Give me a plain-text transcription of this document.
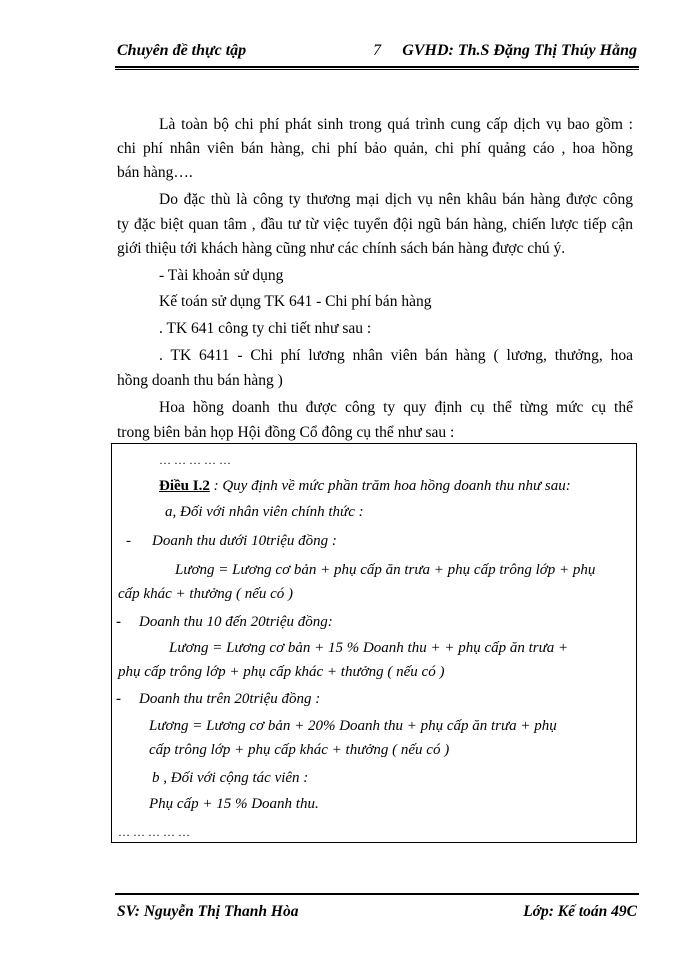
Chuyên đề thực tập	7 GVHD: Th.S Đặng Thị Thúy Hằng

Là toàn bộ chi phí phát sinh trong quá trình cung cấp dịch vụ bao gồm :

chi phí nhân viên bán hàng, chi phí bảo quản, chi phí quảng cáo , hoa hồng

bán hàng….

Do đặc thù là công ty thương mại dịch vụ nên khâu bán hàng được công

ty đặc biệt quan tâm , đầu tư từ việc tuyển đội ngũ bán hàng, chiến lược tiếp cận

giới thiệu tới khách hàng cũng như các chính sách bán hàng được chú ý.

- Tài khoản sử dụng

Kế toán sử dụng TK 641 - Chi phí bán hàng

. TK 641 công ty chi tiết như sau :

. TK 6411 - Chi phí lương nhân viên bán hàng ( lương, thưởng, hoa

hồng doanh thu bán hàng )

Hoa hồng doanh thu được công ty quy định cụ thể từng mức cụ thể

trong biên bản họp Hội đồng Cổ đông cụ thể như sau :

… … … … …
Điều I.2 : Quy định về mức phần trăm hoa hồng doanh thu như sau:
a, Đối với nhân viên chính thức :
- Doanh thu dưới 10triệu đồng :
Lương = Lương cơ bản + phụ cấp ăn trưa + phụ cấp trông lớp + phụ
cấp khác + thưởng ( nếu có )
- Doanh thu 10 đến 20triệu đồng:
Lương = Lương cơ bản + 15 % Doanh thu + + phụ cấp ăn trưa +
phụ cấp trông lớp + phụ cấp khác + thưởng ( nếu có )
- Doanh thu trên 20triệu đồng :
Lương = Lương cơ bản + 20% Doanh thu + phụ cấp ăn trưa + phụ
cấp trông lớp + phụ cấp khác + thưởng ( nếu có )
b , Đối với cộng tác viên :
Phụ cấp + 15 % Doanh thu.
… … … … …
SV: Nguyễn Thị Thanh Hòa	Lớp: Kế toán 49C
